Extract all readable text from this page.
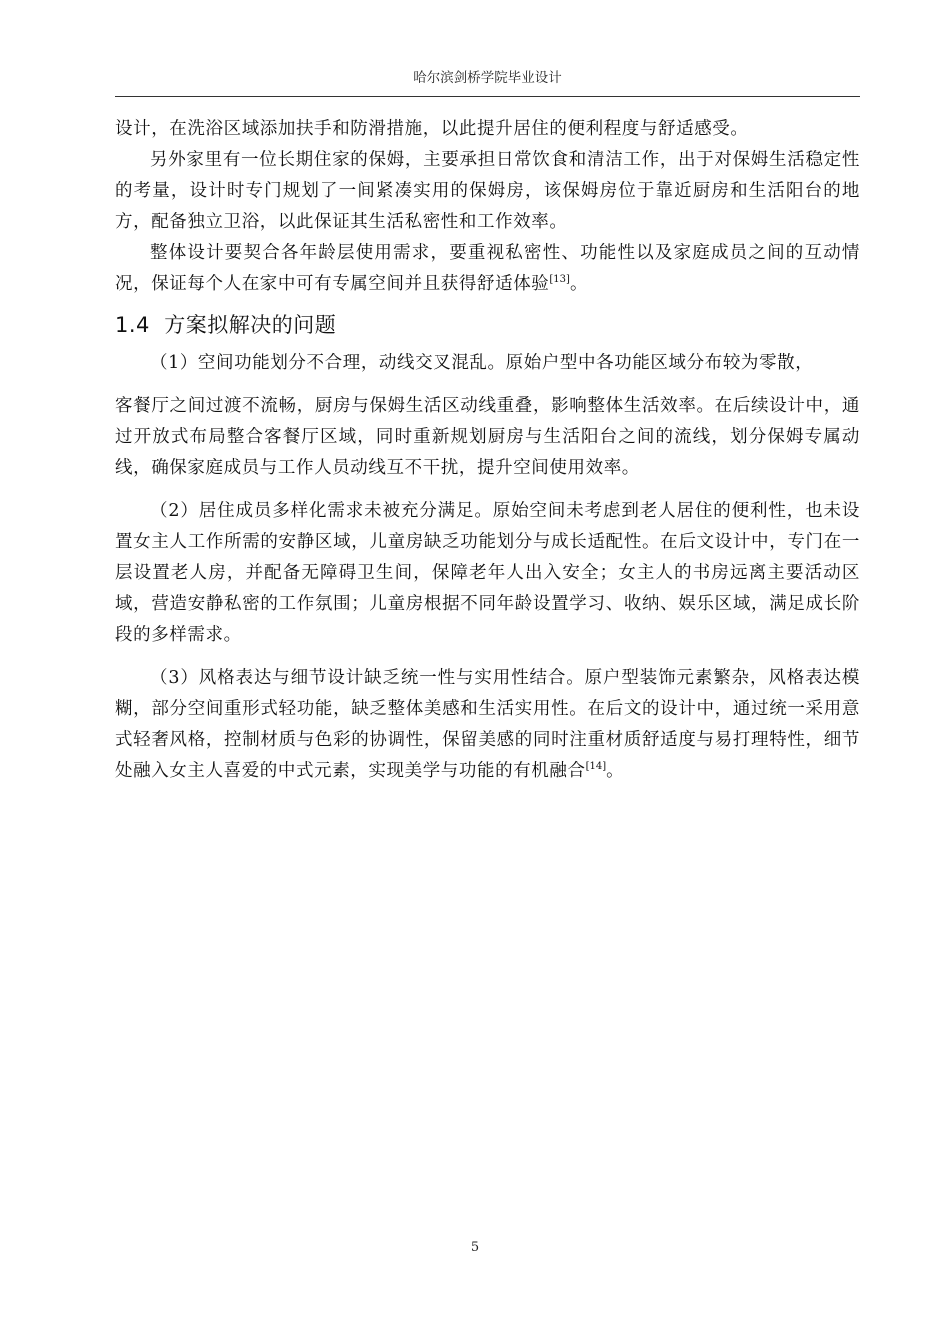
哈尔滨剑桥学院毕业设计

设计，在洗浴区域添加扶手和防滑措施，以此提升居住的便利程度与舒适感受。

另外家里有一位长期住家的保姆，主要承担日常饮食和清洁工作，出于对保姆生活稳定性的考量，设计时专门规划了一间紧凑实用的保姆房，该保姆房位于靠近厨房和生活阳台的地方，配备独立卫浴，以此保证其生活私密性和工作效率。

整体设计要契合各年龄层使用需求，要重视私密性、功能性以及家庭成员之间的互动情况，保证每个人在家中可有专属空间并且获得舒适体验[13]。

1.4 方案拟解决的问题

（1）空间功能划分不合理，动线交叉混乱。原始户型中各功能区域分布较为零散，

客餐厅之间过渡不流畅，厨房与保姆生活区动线重叠，影响整体生活效率。在后续设计中，通过开放式布局整合客餐厅区域，同时重新规划厨房与生活阳台之间的流线，划分保姆专属动线，确保家庭成员与工作人员动线互不干扰，提升空间使用效率。

（2）居住成员多样化需求未被充分满足。原始空间未考虑到老人居住的便利性，也未设置女主人工作所需的安静区域，儿童房缺乏功能划分与成长适配性。在后文设计中，专门在一层设置老人房，并配备无障碍卫生间，保障老年人出入安全；女主人的书房远离主要活动区域，营造安静私密的工作氛围；儿童房根据不同年龄设置学习、收纳、娱乐区域，满足成长阶段的多样需求。

（3）风格表达与细节设计缺乏统一性与实用性结合。原户型装饰元素繁杂，风格表达模糊，部分空间重形式轻功能，缺乏整体美感和生活实用性。在后文的设计中，通过统一采用意式轻奢风格，控制材质与色彩的协调性，保留美感的同时注重材质舒适度与易打理特性，细节处融入女主人喜爱的中式元素，实现美学与功能的有机融合[14]。

5
